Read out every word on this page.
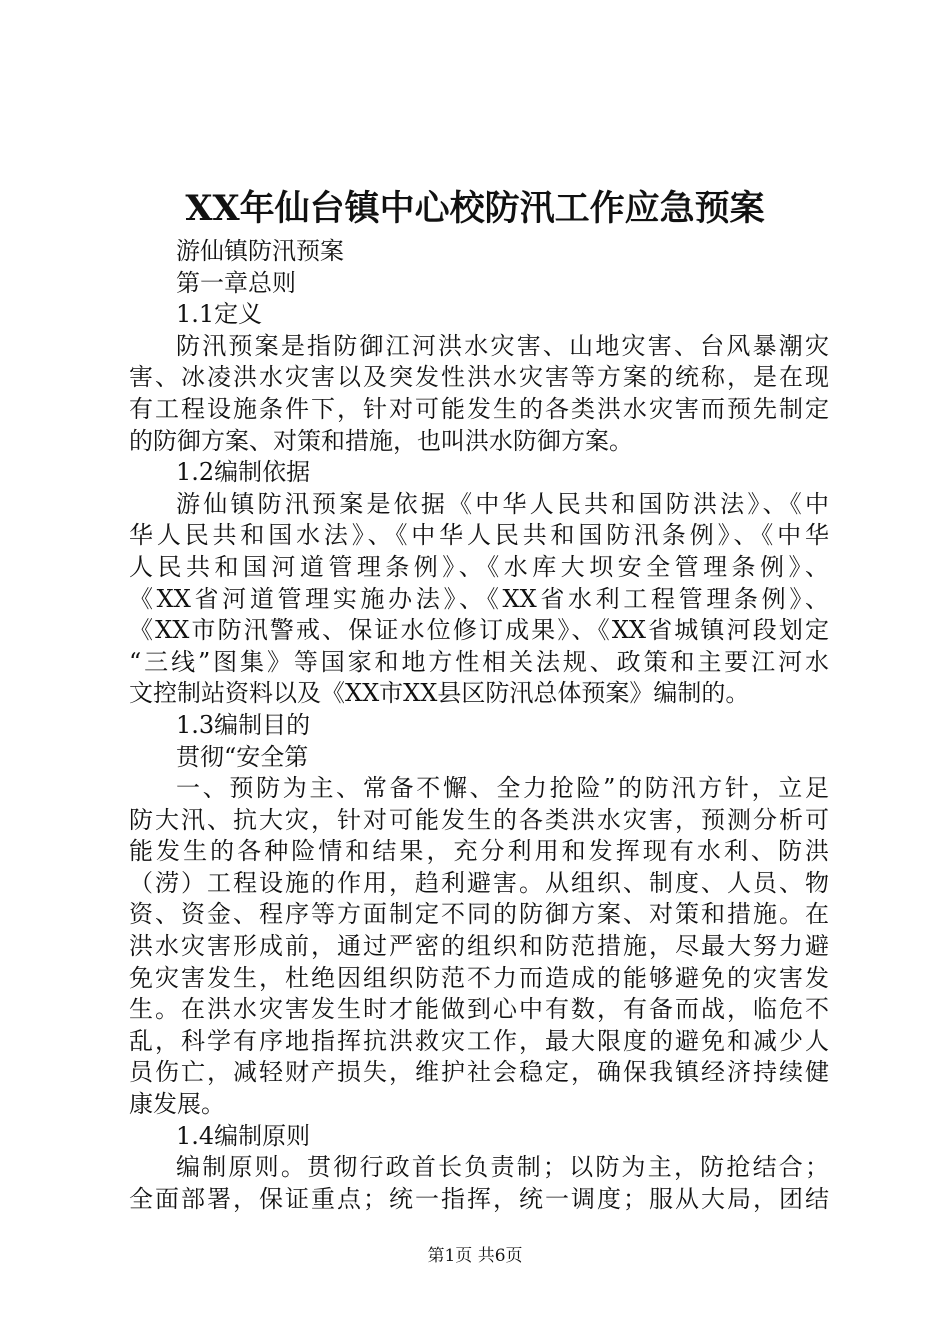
XX年仙台镇中心校防汛工作应急预案
游仙镇防汛预案
第一章总则
1.1定义
防汛预案是指防御江河洪水灾害、山地灾害、台风暴潮灾
害、冰凌洪水灾害以及突发性洪水灾害等方案的统称，是在现
有工程设施条件下，针对可能发生的各类洪水灾害而预先制定
的防御方案、对策和措施，也叫洪水防御方案。
1.2编制依据
游仙镇防汛预案是依据《中华人民共和国防洪法》、《中
华人民共和国水法》、《中华人民共和国防汛条例》、《中华
人民共和国河道管理条例》、《水库大坝安全管理条例》、
《XX省河道管理实施办法》、《XX省水利工程管理条例》、
《XX市防汛警戒、保证水位修订成果》、《XX省城镇河段划定
“三线”图集》等国家和地方性相关法规、政策和主要江河水
文控制站资料以及《XX市XX县区防汛总体预案》编制的。
1.3编制目的
贯彻“安全第
一、预防为主、常备不懈、全力抢险”的防汛方针，立足
防大汛、抗大灾，针对可能发生的各类洪水灾害，预测分析可
能发生的各种险情和结果，充分利用和发挥现有水利、防洪
（涝）工程设施的作用，趋利避害。从组织、制度、人员、物
资、资金、程序等方面制定不同的防御方案、对策和措施。在
洪水灾害形成前，通过严密的组织和防范措施，尽最大努力避
免灾害发生，杜绝因组织防范不力而造成的能够避免的灾害发
生。在洪水灾害发生时才能做到心中有数，有备而战，临危不
乱，科学有序地指挥抗洪救灾工作，最大限度的避免和减少人
员伤亡，减轻财产损失，维护社会稳定，确保我镇经济持续健
康发展。
1.4编制原则
编制原则。贯彻行政首长负责制；以防为主，防抢结合；
全面部署，保证重点；统一指挥，统一调度；服从大局，团结
第1页 共6页
